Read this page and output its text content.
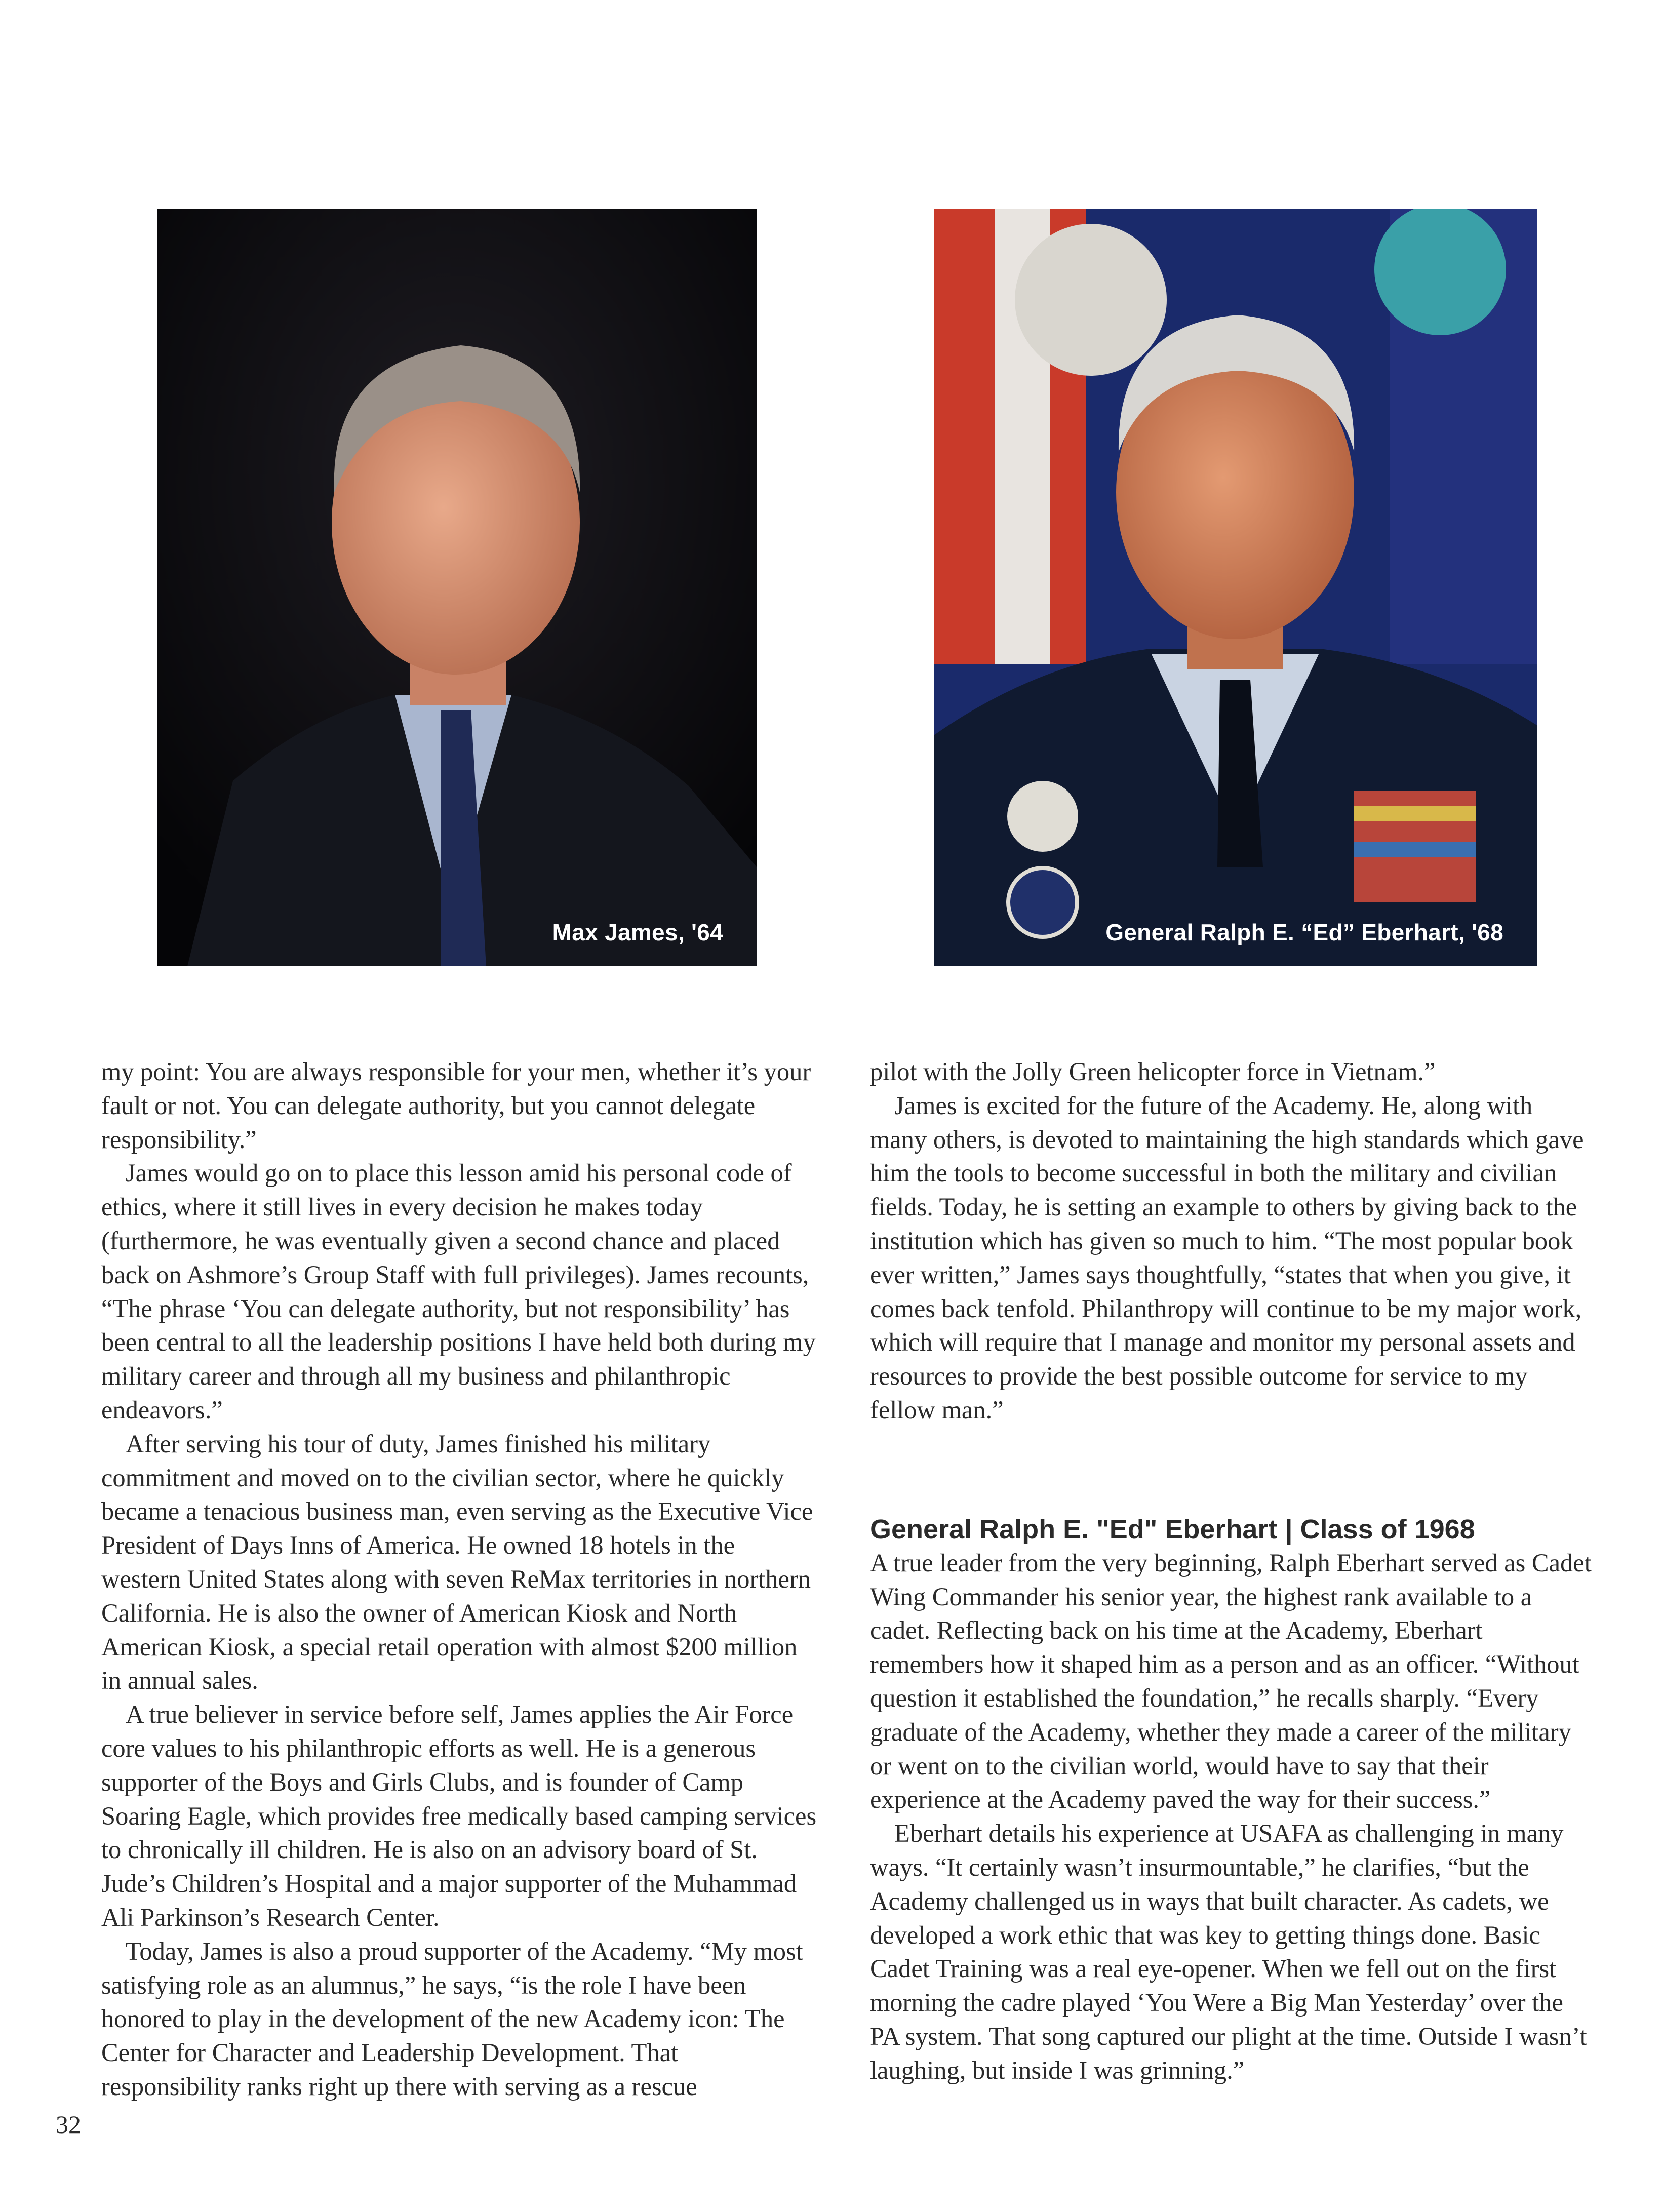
Max James, '64	General Ralph E. “Ed” Eberhart, '68

my point: You are always responsible for your men, whether it’s your fault or not. You can delegate authority, but you cannot delegate responsibility.”

James would go on to place this lesson amid his personal code of ethics, where it still lives in every decision he makes today (furthermore, he was eventually given a second chance and placed back on Ashmore’s Group Staff with full privileges). James recounts, “The phrase ‘You can delegate authority, but not responsibility’ has been central to all the leadership positions I have held both during my military career and through all my business and philanthropic endeavors.”

After serving his tour of duty, James finished his military commitment and moved on to the civilian sector, where he quickly became a tenacious business man, even serving as the Executive Vice President of Days Inns of America. He owned 18 hotels in the western United States along with seven ReMax territories in northern California. He is also the owner of American Kiosk and North American Kiosk, a special retail operation with almost $200 million in annual sales.

A true believer in service before self, James applies the Air Force core values to his philanthropic efforts as well. He is a generous supporter of the Boys and Girls Clubs, and is founder of Camp Soaring Eagle, which provides free medically based camping services to chronically ill children. He is also on an advisory board of St. Jude’s Children’s Hospital and a major supporter of the Muhammad Ali Parkinson’s Research Center.

Today, James is also a proud supporter of the Academy. “My most satisfying role as an alumnus,” he says, “is the role I have been honored to play in the development of the new Academy icon: The Center for Character and Leadership Development. That responsibility ranks right up there with serving as a rescue

pilot with the Jolly Green helicopter force in Vietnam.”

James is excited for the future of the Academy. He, along with many others, is devoted to maintaining the high standards which gave him the tools to become successful in both the military and civilian fields. Today, he is setting an example to others by giving back to the institution which has given so much to him. “The most popular book ever written,” James says thoughtfully, “states that when you give, it comes back tenfold. Philanthropy will continue to be my major work, which will require that I manage and monitor my personal assets and resources to provide the best possible outcome for service to my fellow man.”

General Ralph E. "Ed" Eberhart | Class of 1968

A true leader from the very beginning, Ralph Eberhart served as Cadet Wing Commander his senior year, the highest rank available to a cadet. Reflecting back on his time at the Academy, Eberhart remembers how it shaped him as a person and as an officer. “Without question it established the foundation,” he recalls sharply. “Every graduate of the Academy, whether they made a career of the military or went on to the civilian world, would have to say that their experience at the Academy paved the way for their success.”

Eberhart details his experience at USAFA as challenging in many ways. “It certainly wasn’t insurmountable,” he clarifies, “but the Academy challenged us in ways that built character. As cadets, we developed a work ethic that was key to getting things done. Basic Cadet Training was a real eye-opener. When we fell out on the first morning the cadre played ‘You Were a Big Man Yesterday’ over the PA system. That song captured our plight at the time. Outside I wasn’t laughing, but inside I was grinning.”

32
